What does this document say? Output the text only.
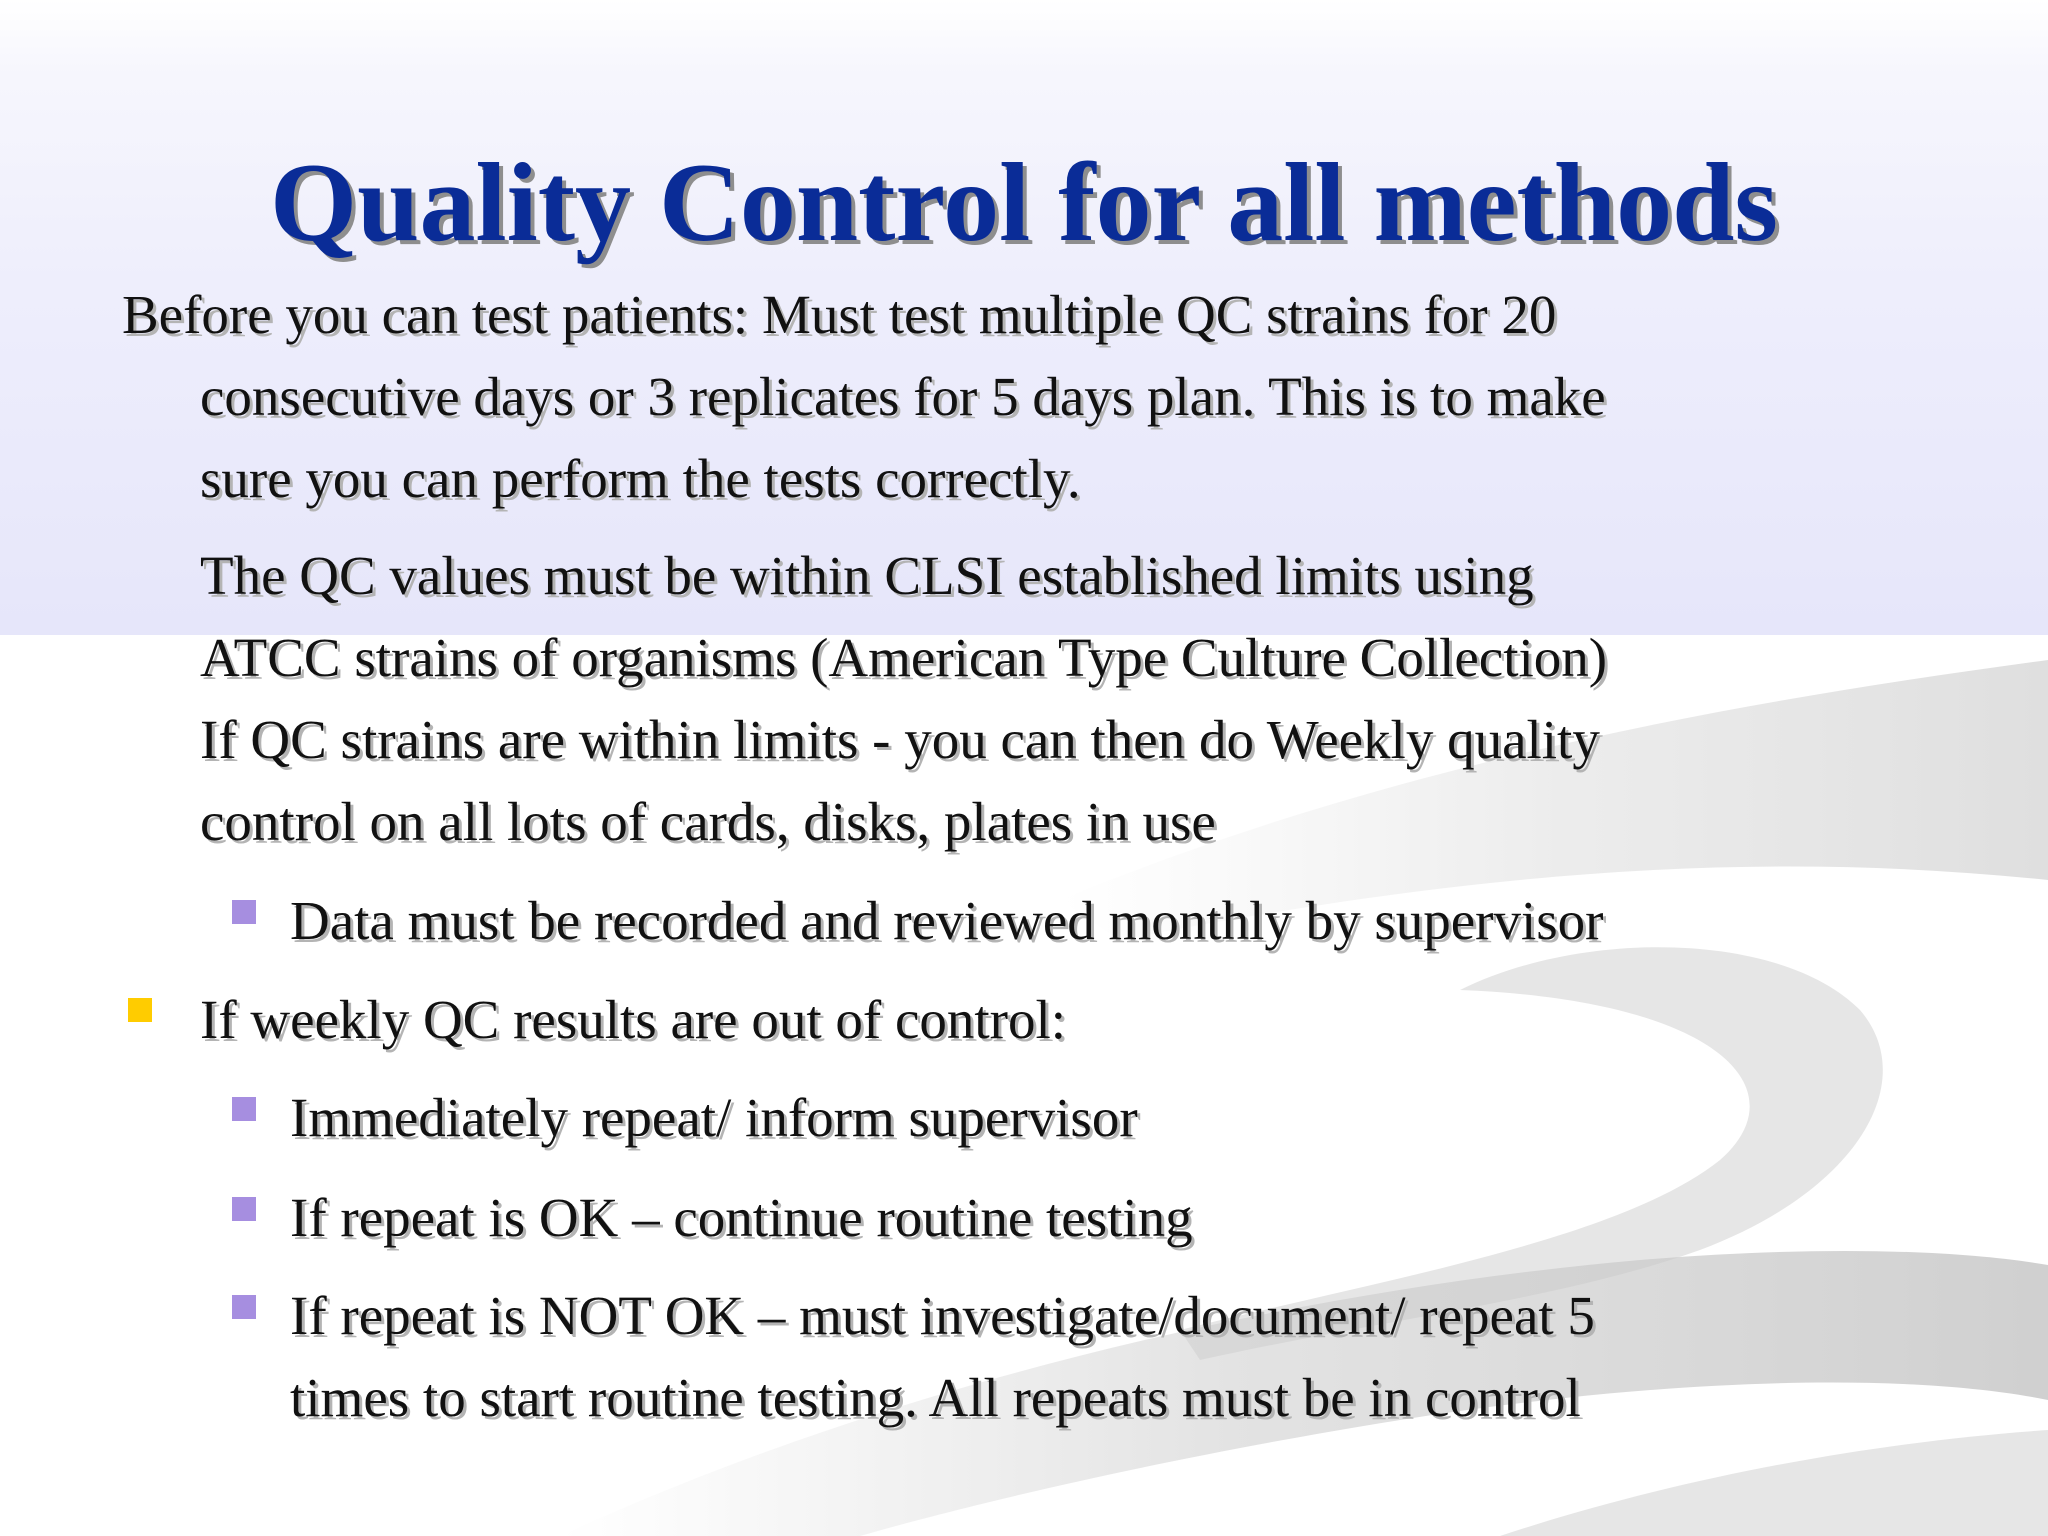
Quality Control for all methods
Before you can test patients: Must test multiple QC strains for 20
consecutive days or 3 replicates for 5 days plan. This is to make
sure you can perform the tests correctly.
The QC values must be within CLSI established limits using
ATCC strains of organisms (American Type Culture Collection)
If QC strains are within limits - you can then do Weekly quality
control on all lots of cards, disks, plates in use
Data must be recorded and reviewed monthly by supervisor
If weekly QC results are out of control:
Immediately repeat/ inform supervisor
If repeat is OK – continue routine testing
If repeat is NOT OK – must investigate/document/ repeat 5
times to start routine testing. All repeats must be in control
